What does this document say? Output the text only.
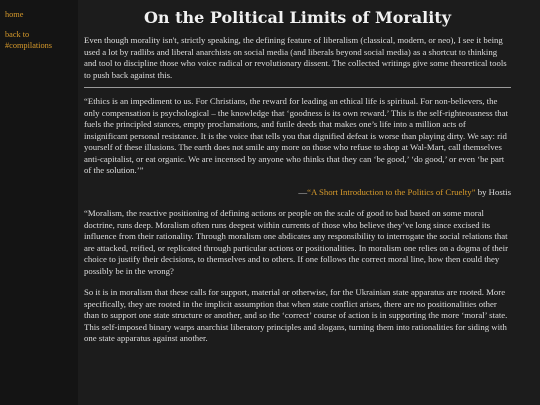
home
back to #compilations
On the Political Limits of Morality

Even though morality isn't, strictly speaking, the defining feature of liberalism (classical, modern, or neo), I see it being used a lot by radlibs and liberal anarchists on social media (and liberals beyond social media) as a shortcut to thinking and tool to discipline those who voice radical or revolutionary dissent. The collected writings give some theoretical tools to push back against this.

“Ethics is an impediment to us. For Christians, the reward for leading an ethical life is spiritual. For non-believers, the only compensation is psychological – the knowledge that ‘goodness is its own reward.’ This is the self-righteousness that fuels the principled stances, empty proclamations, and futile deeds that makes one’s life into a million acts of insignificant personal resistance. It is the voice that tells you that dignified defeat is worse than playing dirty. We say: rid yourself of these illusions. The earth does not smile any more on those who refuse to shop at Wal-Mart, call themselves anti-capitalist, or eat organic. We are incensed by anyone who thinks that they can ‘be good,’ ‘do good,’ or even ‘be part of the solution.’”

—“A Short Introduction to the Politics of Cruelty” by Hostis

“Moralism, the reactive positioning of defining actions or people on the scale of good to bad based on some moral doctrine, runs deep. Moralism often runs deepest within currents of those who believe they’ve long since excised its influence from their rationality. Through moralism one abdicates any responsibility to interrogate the social relations that are attacked, reified, or replicated through particular actions or positionalities. In moralism one relies on a dogma of their choice to justify their decisions, to themselves and to others. If one follows the correct moral line, how then could they possibly be in the wrong?

So it is in moralism that these calls for support, material or otherwise, for the Ukrainian state apparatus are rooted. More specifically, they are rooted in the implicit assumption that when state conflict arises, there are no positionalities other than to support one state structure or another, and so the ‘correct’ course of action is in supporting the more ‘moral’ state. This self-imposed binary warps anarchist liberatory principles and slogans, turning them into rationalities for siding with one state apparatus against another.
